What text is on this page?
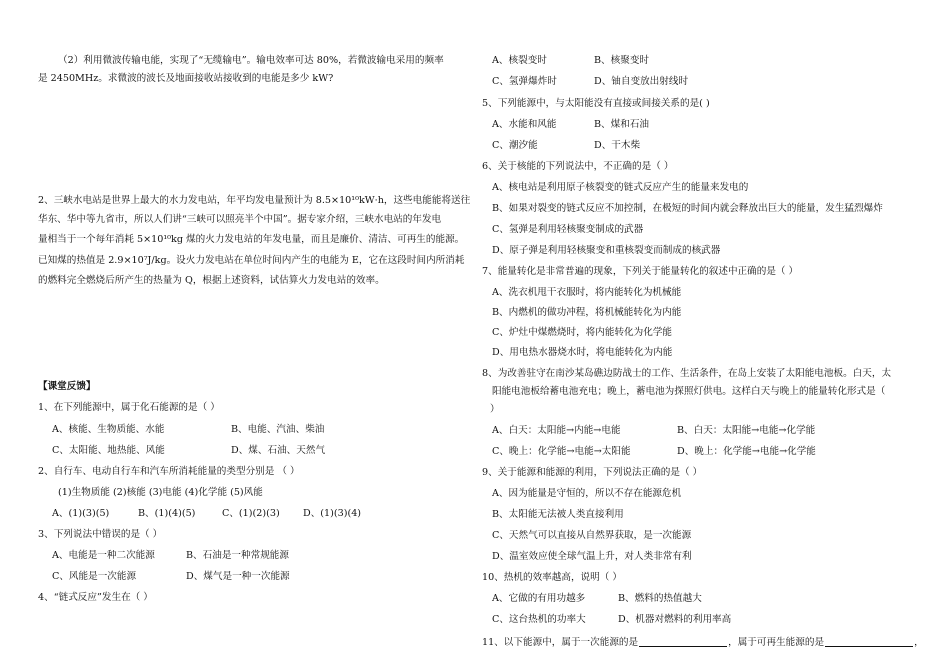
（2）利用微波传输电能，实现了“无缆输电”。输电效率可达 80%，若微波输电采用的频率
是 2450MHz。求微波的波长及地面接收站接收到的电能是多少 kW?
2、三峡水电站是世界上最大的水力发电站，年平均发电量预计为 8.5×10¹⁰kW·h，这些电能能将送往
华东、华中等九省市，所以人们讲“三峡可以照亮半个中国”。据专家介绍，三峡水电站的年发电
量相当于一个每年消耗 5×10¹⁰kg 煤的火力发电站的年发电量，而且是廉价、清洁、可再生的能源。
已知煤的热值是 2.9×10⁷J/kg。设火力发电站在单位时间内产生的电能为 E，它在这段时间内所消耗
的燃料完全燃烧后所产生的热量为 Q，根据上述资料，试估算火力发电站的效率。
【课堂反馈】
1、在下列能源中，属于化石能源的是（ ）
A、核能、生物质能、水能	B、电能、汽油、柴油
C、太阳能、地热能、风能	D、煤、石油、天然气
2、自行车、电动自行车和汽车所消耗能量的类型分别是 （ ）
(1)生物质能 (2)核能 (3)电能 (4)化学能 (5)风能
A、(1)(3)(5)	B、(1)(4)(5)	C、(1)(2)(3) D、(1)(3)(4)
3、下列说法中错误的是（ ）
A、电能是一种二次能源	B、石油是一种常规能源
C、风能是一次能源	D、煤气是一种一次能源
4、“链式反应”发生在（ ）
A、核裂变时	B、核聚变时
C、氢弹爆炸时	D、铀自变放出射线时
5、下列能源中，与太阳能没有直接或间接关系的是( )
A、水能和风能	B、煤和石油
C、潮汐能	D、干木柴
6、关于核能的下列说法中，不正确的是（ ）
A、核电站是利用原子核裂变的链式反应产生的能量来发电的
B、如果对裂变的链式反应不加控制，在极短的时间内就会释放出巨大的能量，发生猛烈爆炸
C、氢弹是利用轻核聚变制成的武器
D、原子弹是利用轻核聚变和重核裂变而制成的核武器
7、能量转化是非常普遍的现象，下列关于能量转化的叙述中正确的是（ ）
A、洗衣机甩干衣服时，将内能转化为机械能
B、内燃机的做功冲程，将机械能转化为内能
C、炉灶中煤燃烧时，将内能转化为化学能
D、用电热水器烧水时，将电能转化为内能
8、为改善驻守在南沙某岛礁边防战士的工作、生活条件，在岛上安装了太阳能电池板。白天，太
阳能电池板给蓄电池充电；晚上，蓄电池为探照灯供电。这样白天与晚上的能量转化形式是（
）
A、白天：太阳能→内能→电能	B、白天：太阳能→电能→化学能
C、晚上：化学能→电能→太阳能	D、晚上：化学能→电能→化学能
9、关于能源和能源的利用，下列说法正确的是（ ）
A、因为能量是守恒的，所以不存在能源危机
B、太阳能无法被人类直接利用
C、天然气可以直接从自然界获取，是一次能源
D、温室效应使全球气温上升，对人类非常有利
10、热机的效率越高，说明（ ）
A、它做的有用功越多	B、燃料的热值越大
C、这台热机的功率大	D、机器对燃料的利用率高
11、以下能源中，属于一次能源的是	，属于可再生能源的是	，
